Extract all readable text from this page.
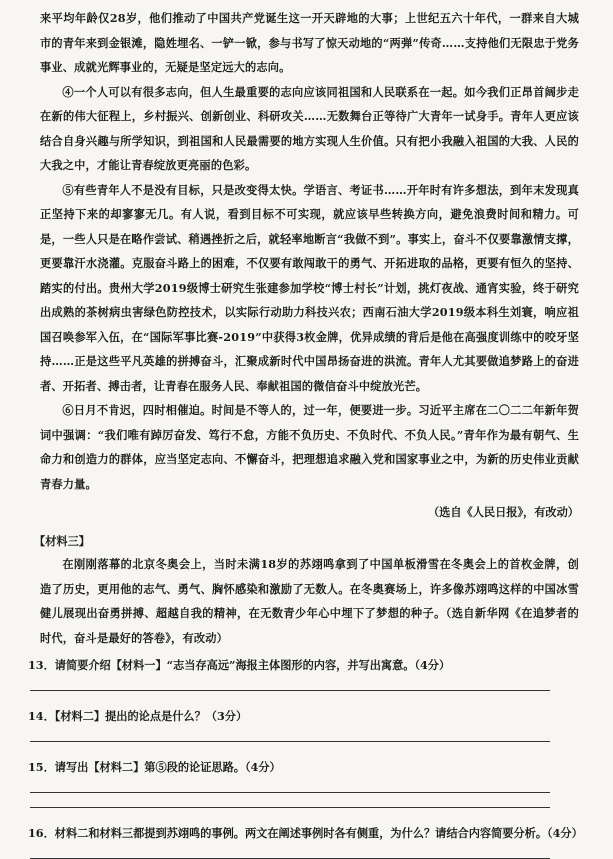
来平均年龄仅28岁，他们推动了中国共产党诞生这一开天辟地的大事；上世纪五六十年代，一群来自大城市的青年来到金银滩，隐姓埋名、一铲一锨，参与书写了惊天动地的“两弹”传奇……支持他们无限忠于党务事业、成就光辉事业的，无疑是坚定远大的志向。

④一个人可以有很多志向，但人生最重要的志向应该同祖国和人民联系在一起。如今我们正昂首阔步走在新的伟大征程上，乡村振兴、创新创业、科研攻关……无数舞台正等待广大青年一试身手。青年人更应该结合自身兴趣与所学知识，到祖国和人民最需要的地方实现人生价值。只有把小我融入祖国的大我、人民的大我之中，才能让青春绽放更亮丽的色彩。

⑤有些青年人不是没有目标，只是改变得太快。学语言、考证书……开年时有许多想法，到年末发现真正坚持下来的却寥寥无几。有人说，看到目标不可实现，就应该早些转换方向，避免浪费时间和精力。可是，一些人只是在略作尝试、稍遇挫折之后，就轻率地断言“我做不到”。事实上，奋斗不仅要靠激情支撑，更要靠汗水浇灌。克服奋斗路上的困难，不仅要有敢闯敢干的勇气、开拓进取的品格，更要有恒久的坚持、踏实的付出。贵州大学2019级博士研究生张建参加学校“博士村长”计划，挑灯夜战、通宵实验，终于研究出成熟的茶树病虫害绿色防控技术，以实际行动助力科技兴农；西南石油大学2019级本科生刘寰，响应祖国召唤参军入伍，在“国际军事比赛-2019”中获得3枚金牌，优异成绩的背后是他在高强度训练中的咬牙坚持……正是这些平凡英雄的拼搏奋斗，汇聚成新时代中国昂扬奋进的洪流。青年人尤其要做追梦路上的奋进者、开拓者、搏击者，让青春在服务人民、奉献祖国的微信奋斗中绽放光芒。

⑥日月不肯迟，四时相催迫。时间是不等人的，过一年，便要进一步。习近平主席在二〇二二年新年贺词中强调：“我们唯有踔厉奋发、笃行不怠，方能不负历史、不负时代、不负人民。”青年作为最有朝气、生命力和创造力的群体，应当坚定志向、不懈奋斗，把理想追求融入党和国家事业之中，为新的历史伟业贡献青春力量。

（选自《人民日报》，有改动）
【材料三】

在刚刚落幕的北京冬奥会上，当时未满18岁的苏翊鸣拿到了中国单板滑雪在冬奥会上的首枚金牌，创造了历史，更用他的志气、勇气、胸怀感染和激励了无数人。在冬奥赛场上，许多像苏翊鸣这样的中国冰雪健儿展现出奋勇拼搏、超越自我的精神，在无数青少年心中埋下了梦想的种子。（选自新华网《在追梦者的时代，奋斗是最好的答卷》，有改动）

13．请简要介绍【材料一】“志当存高远”海报主体图形的内容，并写出寓意。（4分）
14．【材料二】提出的论点是什么？（3分）
15．请写出【材料二】第⑤段的论证思路。（4分）
16．材料二和材料三都提到苏翊鸣的事例。两文在阐述事例时各有侧重，为什么？请结合内容简要分析。（4分）
